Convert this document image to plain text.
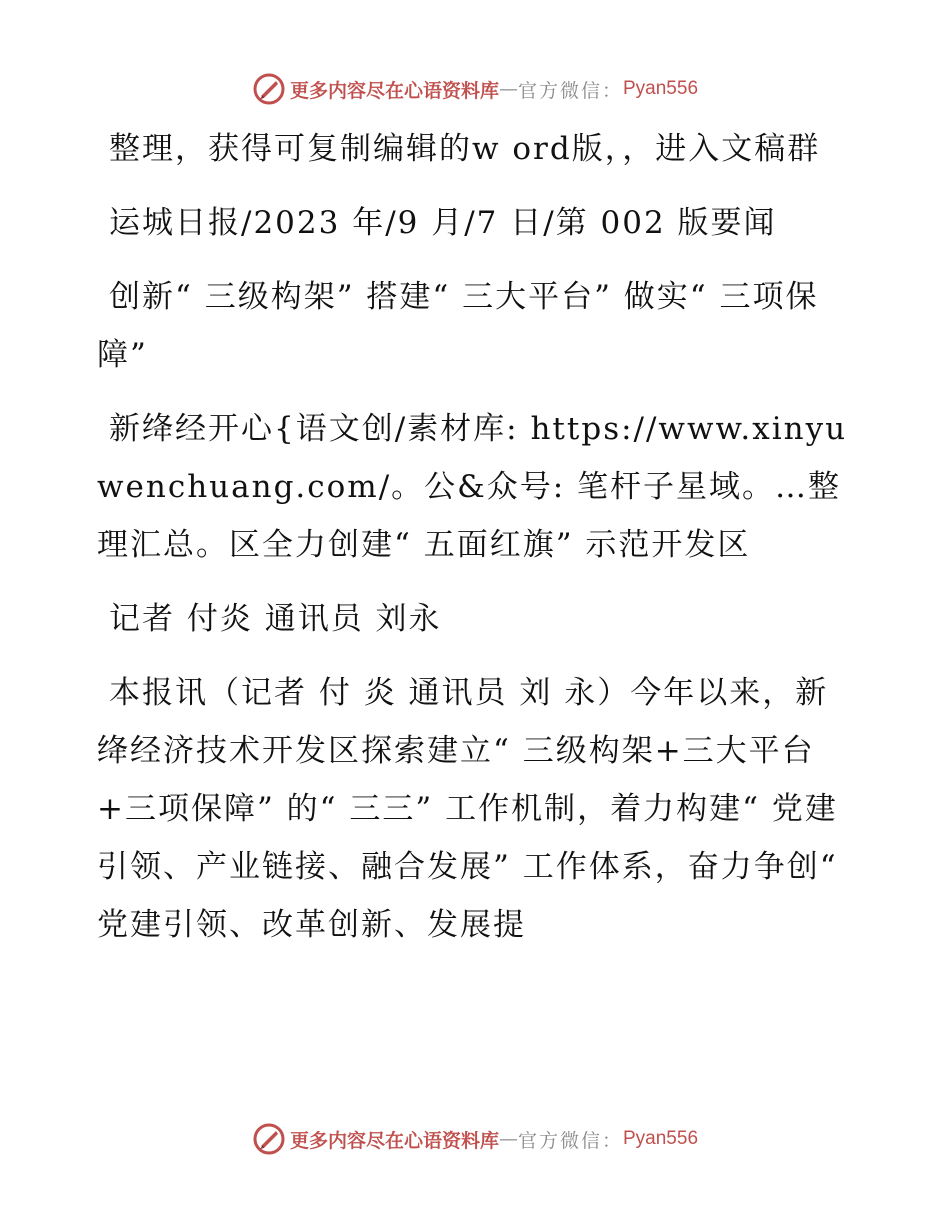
更多内容尽在心语资料库 — 官方微信： Pyan556

整理，获得可复制编辑的w ord版，，进入文稿群

运城日报/2023 年/9 月/7 日/第 002 版要闻

创新“ 三级构架” 搭建“ 三大平台” 做实“ 三项保障”

新绛经开心{语文创/素材库: https://www.xinyuwenchuang.com/。公&众号: 笔杆子星域。…整理汇总。区全力创建“ 五面红旗” 示范开发区

记者 付炎 通讯员 刘永

本报讯（记者 付 炎 通讯员 刘 永）今年以来，新绛经济技术开发区探索建立“ 三级构架+三大平台+三项保障” 的“ 三三” 工作机制，着力构建“ 党建引领、产业链接、融合发展” 工作体系，奋力争创“ 党建引领、改革创新、发展提

更多内容尽在心语资料库 — 官方微信： Pyan556
